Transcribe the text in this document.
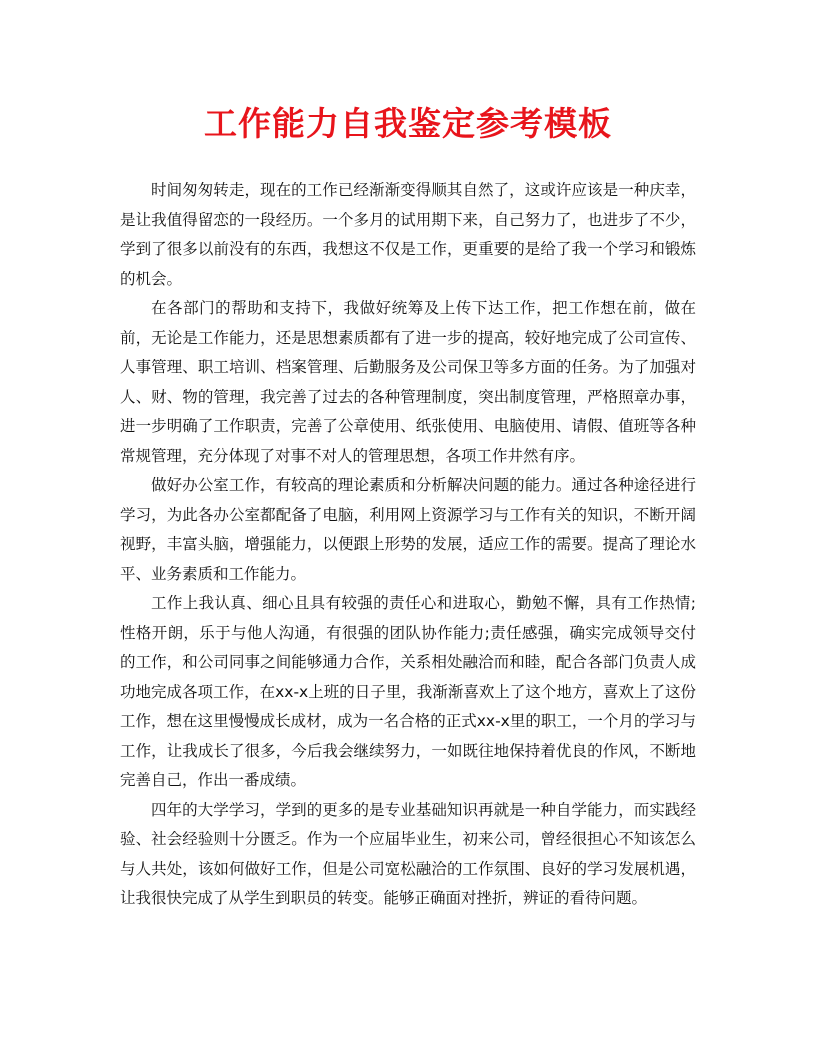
工作能力自我鉴定参考模板

时间匆匆转走，现在的工作已经渐渐变得顺其自然了，这或许应该是一种庆幸，是让我值得留恋的一段经历。一个多月的试用期下来，自己努力了，也进步了不少，学到了很多以前没有的东西，我想这不仅是工作，更重要的是给了我一个学习和锻炼的机会。

在各部门的帮助和支持下，我做好统筹及上传下达工作，把工作想在前，做在前，无论是工作能力，还是思想素质都有了进一步的提高，较好地完成了公司宣传、人事管理、职工培训、档案管理、后勤服务及公司保卫等多方面的任务。为了加强对人、财、物的管理，我完善了过去的各种管理制度，突出制度管理，严格照章办事，进一步明确了工作职责，完善了公章使用、纸张使用、电脑使用、请假、值班等各种常规管理，充分体现了对事不对人的管理思想，各项工作井然有序。

做好办公室工作，有较高的理论素质和分析解决问题的能力。通过各种途径进行学习，为此各办公室都配备了电脑，利用网上资源学习与工作有关的知识，不断开阔视野，丰富头脑，增强能力，以便跟上形势的发展，适应工作的需要。提高了理论水平、业务素质和工作能力。

工作上我认真、细心且具有较强的责任心和进取心，勤勉不懈，具有工作热情;性格开朗，乐于与他人沟通，有很强的团队协作能力;责任感强，确实完成领导交付的工作，和公司同事之间能够通力合作，关系相处融洽而和睦，配合各部门负责人成功地完成各项工作，在xx-x上班的日子里，我渐渐喜欢上了这个地方，喜欢上了这份工作，想在这里慢慢成长成材，成为一名合格的正式xx-x里的职工，一个月的学习与工作，让我成长了很多，今后我会继续努力，一如既往地保持着优良的作风，不断地完善自己，作出一番成绩。

四年的大学学习，学到的更多的是专业基础知识再就是一种自学能力，而实践经验、社会经验则十分匮乏。作为一个应届毕业生，初来公司，曾经很担心不知该怎么与人共处，该如何做好工作，但是公司宽松融洽的工作氛围、良好的学习发展机遇，让我很快完成了从学生到职员的转变。能够正确面对挫折，辨证的看待问题。
